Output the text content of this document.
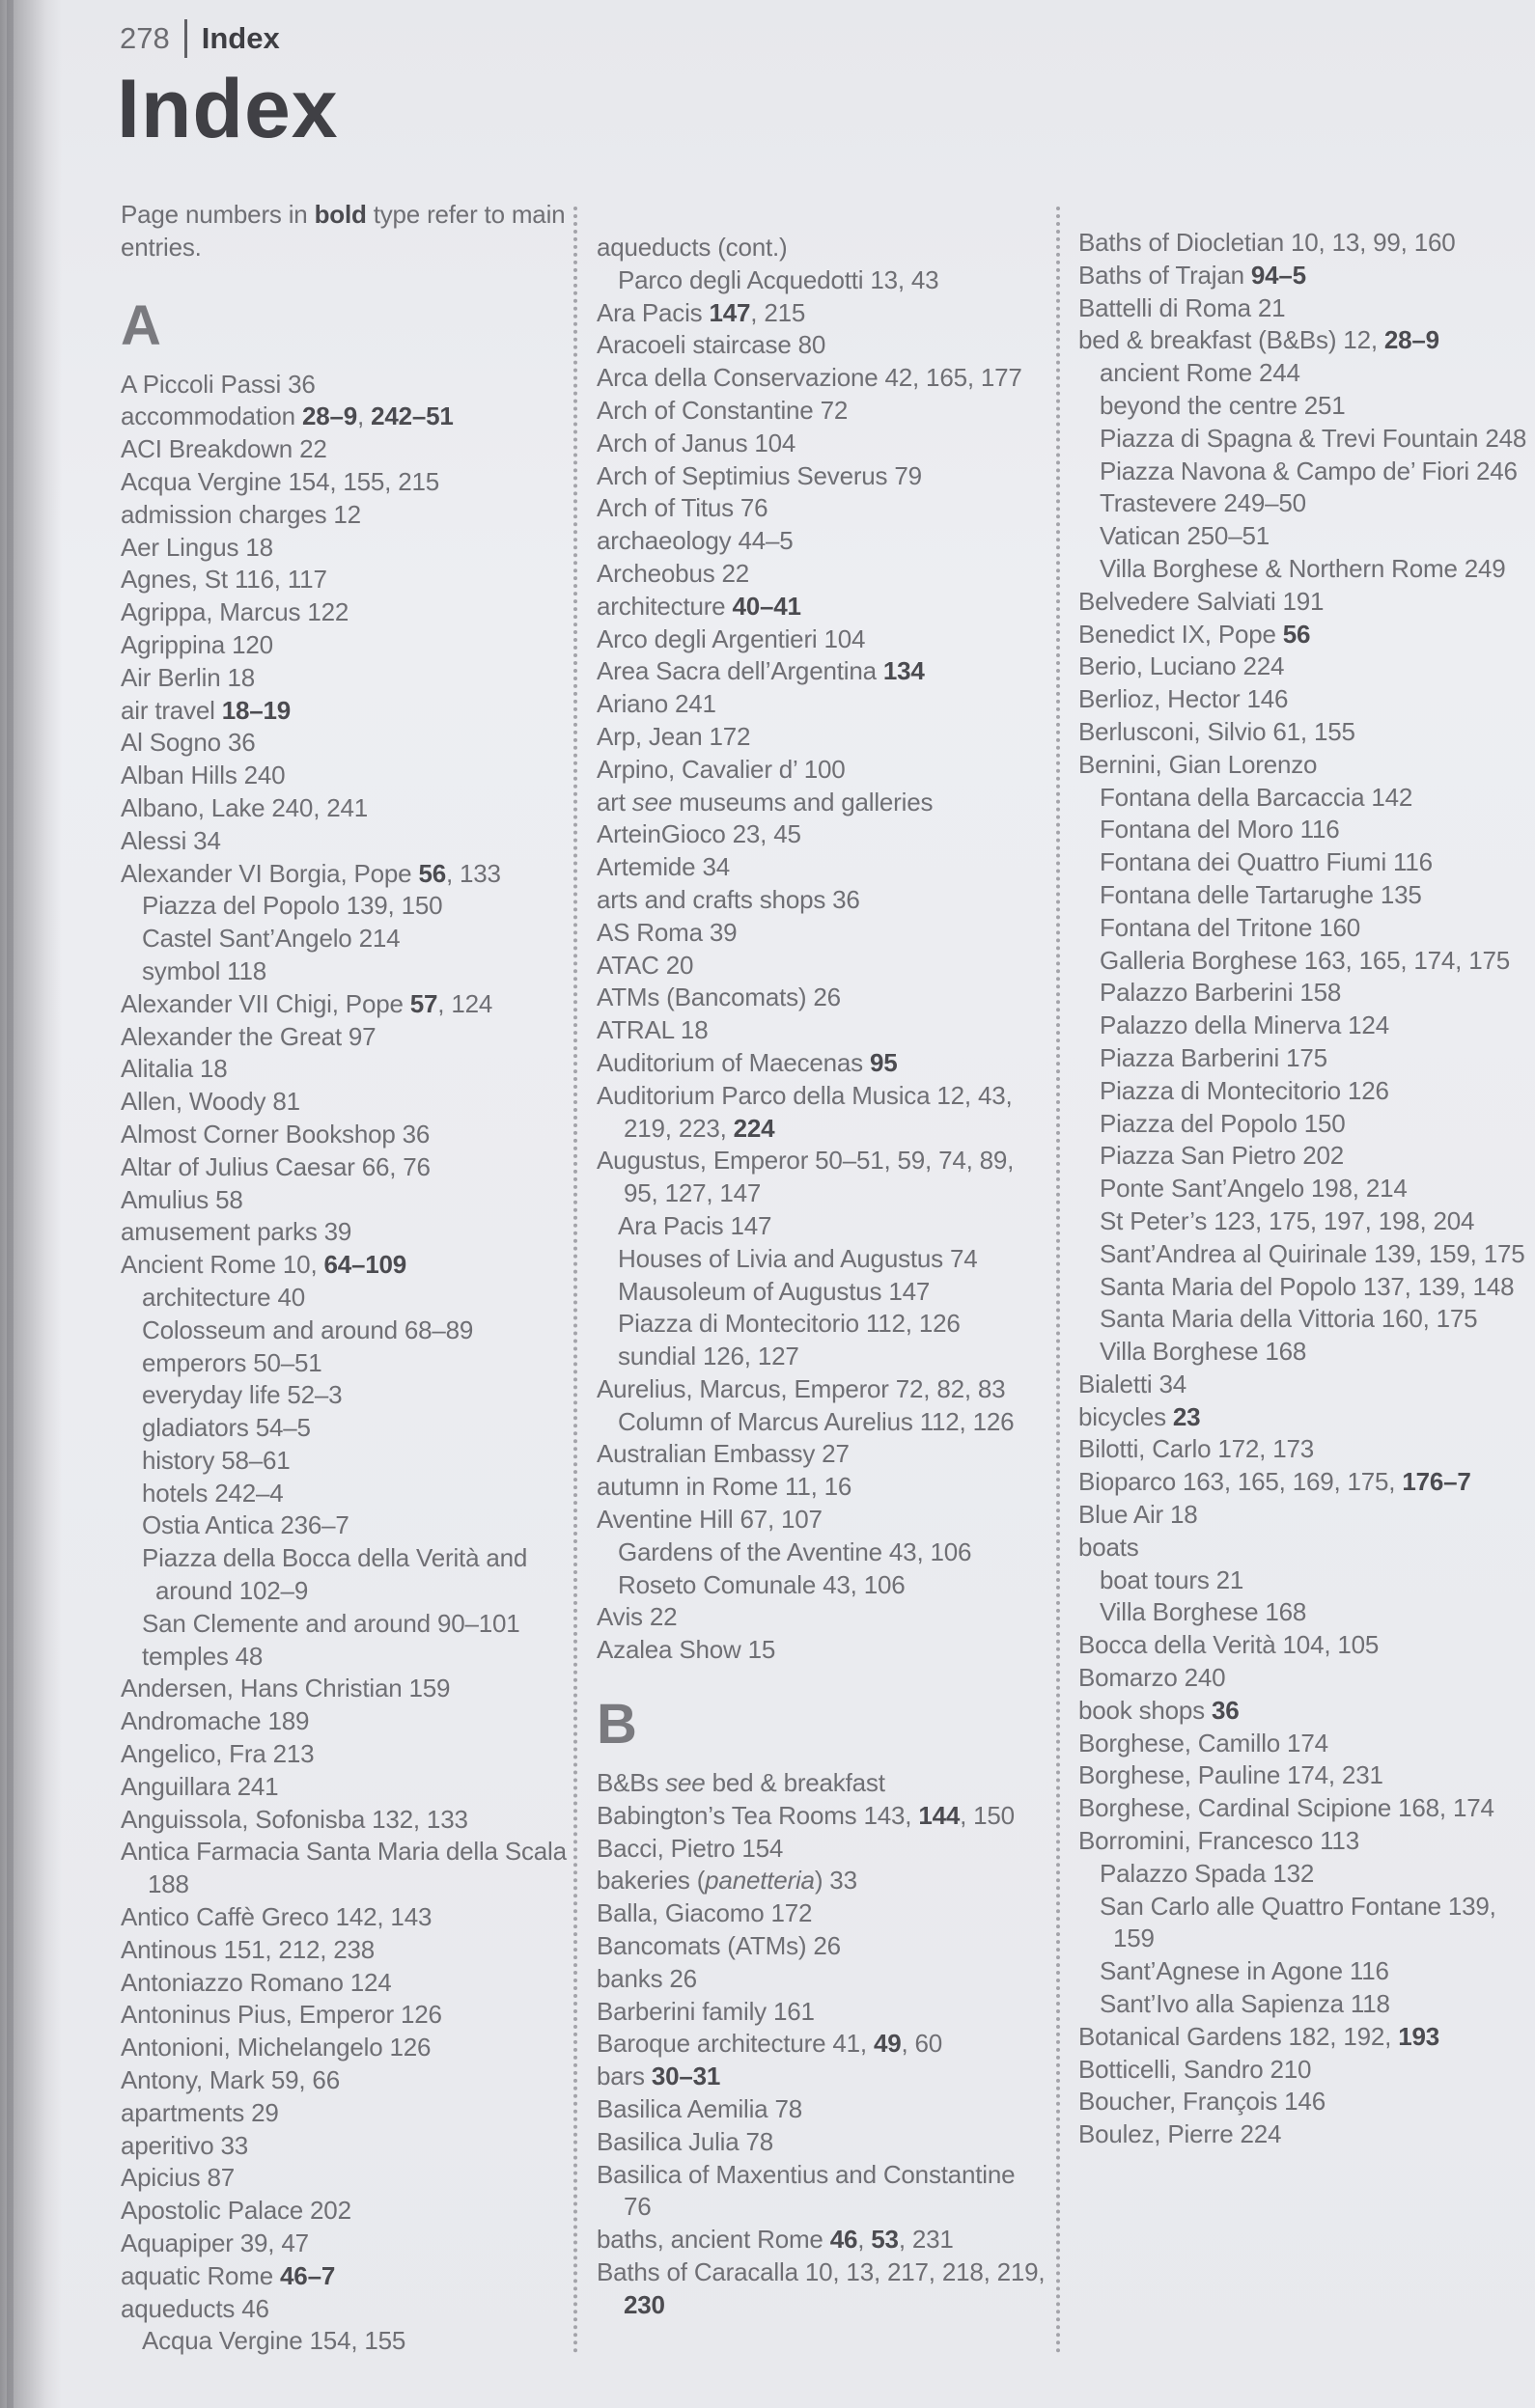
278 Index
Index
Page numbers in bold type refer to main entries.
A
A Piccoli Passi 36
accommodation 28–9, 242–51
ACI Breakdown 22
Acqua Vergine 154, 155, 215
admission charges 12
Aer Lingus 18
Agnes, St 116, 117
Agrippa, Marcus 122
Agrippina 120
Air Berlin 18
air travel 18–19
Al Sogno 36
Alban Hills 240
Albano, Lake 240, 241
Alessi 34
Alexander VI Borgia, Pope 56, 133
Piazza del Popolo 139, 150
Castel Sant’Angelo 214
symbol 118
Alexander VII Chigi, Pope 57, 124
Alexander the Great 97
Alitalia 18
Allen, Woody 81
Almost Corner Bookshop 36
Altar of Julius Caesar 66, 76
Amulius 58
amusement parks 39
Ancient Rome 10, 64–109
architecture 40
Colosseum and around 68–89
emperors 50–51
everyday life 52–3
gladiators 54–5
history 58–61
hotels 242–4
Ostia Antica 236–7
Piazza della Bocca della Verità and around 102–9
San Clemente and around 90–101
temples 48
Andersen, Hans Christian 159
Andromache 189
Angelico, Fra 213
Anguillara 241
Anguissola, Sofonisba 132, 133
Antica Farmacia Santa Maria della Scala 188
Antico Caffè Greco 142, 143
Antinous 151, 212, 238
Antoniazzo Romano 124
Antoninus Pius, Emperor 126
Antonioni, Michelangelo 126
Antony, Mark 59, 66
apartments 29
aperitivo 33
Apicius 87
Apostolic Palace 202
Aquapiper 39, 47
aquatic Rome 46–7
aqueducts 46
Acqua Vergine 154, 155
aqueducts (cont.)
Parco degli Acquedotti 13, 43
Ara Pacis 147, 215
Aracoeli staircase 80
Arca della Conservazione 42, 165, 177
Arch of Constantine 72
Arch of Janus 104
Arch of Septimius Severus 79
Arch of Titus 76
archaeology 44–5
Archeobus 22
architecture 40–41
Arco degli Argentieri 104
Area Sacra dell’Argentina 134
Ariano 241
Arp, Jean 172
Arpino, Cavalier d’ 100
art see museums and galleries
ArteinGioco 23, 45
Artemide 34
arts and crafts shops 36
AS Roma 39
ATAC 20
ATMs (Bancomats) 26
ATRAL 18
Auditorium of Maecenas 95
Auditorium Parco della Musica 12, 43, 219, 223, 224
Augustus, Emperor 50–51, 59, 74, 89, 95, 127, 147
Ara Pacis 147
Houses of Livia and Augustus 74
Mausoleum of Augustus 147
Piazza di Montecitorio 112, 126
sundial 126, 127
Aurelius, Marcus, Emperor 72, 82, 83
Column of Marcus Aurelius 112, 126
Australian Embassy 27
autumn in Rome 11, 16
Aventine Hill 67, 107
Gardens of the Aventine 43, 106
Roseto Comunale 43, 106
Avis 22
Azalea Show 15
B
B&Bs see bed & breakfast
Babington’s Tea Rooms 143, 144, 150
Bacci, Pietro 154
bakeries (panetteria) 33
Balla, Giacomo 172
Bancomats (ATMs) 26
banks 26
Barberini family 161
Baroque architecture 41, 49, 60
bars 30–31
Basilica Aemilia 78
Basilica Julia 78
Basilica of Maxentius and Constantine 76
baths, ancient Rome 46, 53, 231
Baths of Caracalla 10, 13, 217, 218, 219, 230
Baths of Diocletian 10, 13, 99, 160
Baths of Trajan 94–5
Battelli di Roma 21
bed & breakfast (B&Bs) 12, 28–9
ancient Rome 244
beyond the centre 251
Piazza di Spagna & Trevi Fountain 248
Piazza Navona & Campo de’ Fiori 246
Trastevere 249–50
Vatican 250–51
Villa Borghese & Northern Rome 249
Belvedere Salviati 191
Benedict IX, Pope 56
Berio, Luciano 224
Berlioz, Hector 146
Berlusconi, Silvio 61, 155
Bernini, Gian Lorenzo
Fontana della Barcaccia 142
Fontana del Moro 116
Fontana dei Quattro Fiumi 116
Fontana delle Tartarughe 135
Fontana del Tritone 160
Galleria Borghese 163, 165, 174, 175
Palazzo Barberini 158
Palazzo della Minerva 124
Piazza Barberini 175
Piazza di Montecitorio 126
Piazza del Popolo 150
Piazza San Pietro 202
Ponte Sant’Angelo 198, 214
St Peter’s 123, 175, 197, 198, 204
Sant’Andrea al Quirinale 139, 159, 175
Santa Maria del Popolo 137, 139, 148
Santa Maria della Vittoria 160, 175
Villa Borghese 168
Bialetti 34
bicycles 23
Bilotti, Carlo 172, 173
Bioparco 163, 165, 169, 175, 176–7
Blue Air 18
boats
boat tours 21
Villa Borghese 168
Bocca della Verità 104, 105
Bomarzo 240
book shops 36
Borghese, Camillo 174
Borghese, Pauline 174, 231
Borghese, Cardinal Scipione 168, 174
Borromini, Francesco 113
Palazzo Spada 132
San Carlo alle Quattro Fontane 139, 159
Sant’Agnese in Agone 116
Sant’Ivo alla Sapienza 118
Botanical Gardens 182, 192, 193
Botticelli, Sandro 210
Boucher, François 146
Boulez, Pierre 224
